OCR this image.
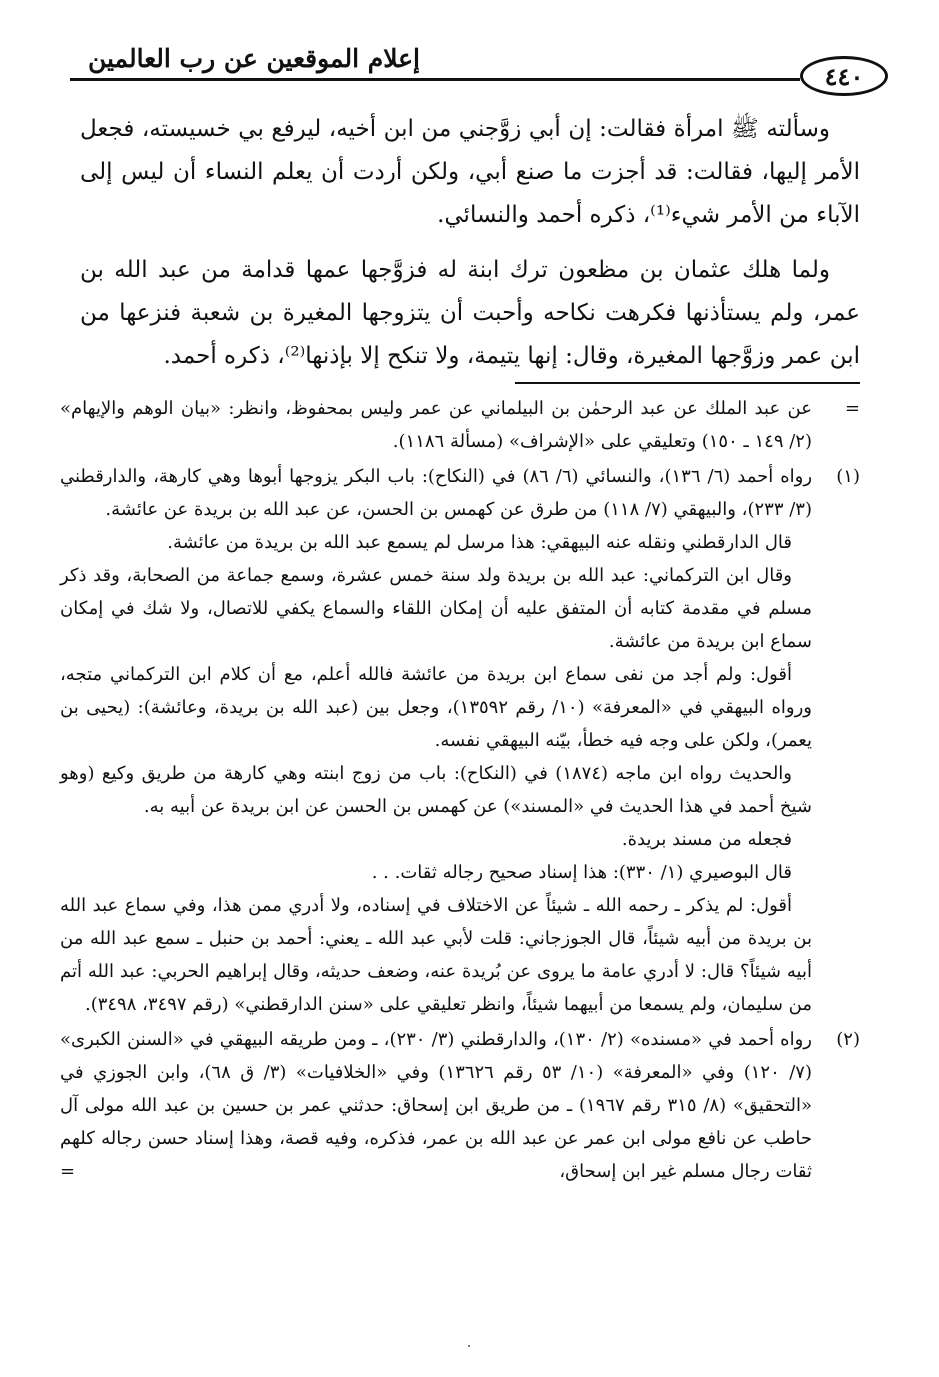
إعلام الموقعين عن رب العالمين
٤٤٠

وسألته ﷺ امرأة فقالت: إن أبي زوَّجني من ابن أخيه، ليرفع بي خسيسته، فجعل الأمر إليها، فقالت: قد أجزت ما صنع أبي، ولكن أردت أن يعلم النساء أن ليس إلى الآباء من الأمر شيء⁽¹⁾، ذكره أحمد والنسائي.

ولما هلك عثمان بن مظعون ترك ابنة له فزوَّجها عمها قدامة من عبد الله بن عمر، ولم يستأذنها فكرهت نكاحه وأحبت أن يتزوجها المغيرة بن شعبة فنزعها من ابن عمر وزوَّجها المغيرة، وقال: إنها يتيمة، ولا تنكح إلا بإذنها⁽²⁾، ذكره أحمد.

=

عن عبد الملك عن عبد الرحمٰن بن البيلماني عن عمر وليس بمحفوظ، وانظر: «بيان الوهم والإيهام» (٢/ ١٤٩ ـ ١٥٠) وتعليقي على «الإشراف» (مسألة ١١٨٦).

(١)

رواه أحمد (٦/ ١٣٦)، والنسائي (٦/ ٨٦) في (النكاح): باب البكر يزوجها أبوها وهي كارهة، والدارقطني (٣/ ٢٣٣)، والبيهقي (٧/ ١١٨) من طرق عن كهمس بن الحسن، عن عبد الله بن بريدة عن عائشة.

قال الدارقطني ونقله عنه البيهقي: هذا مرسل لم يسمع عبد الله بن بريدة من عائشة.

وقال ابن التركماني: عبد الله بن بريدة ولد سنة خمس عشرة، وسمع جماعة من الصحابة، وقد ذكر مسلم في مقدمة كتابه أن المتفق عليه أن إمكان اللقاء والسماع يكفي للاتصال، ولا شك في إمكان سماع ابن بريدة من عائشة.

أقول: ولم أجد من نفى سماع ابن بريدة من عائشة فالله أعلم، مع أن كلام ابن التركماني متجه، ورواه البيهقي في «المعرفة» (١٠/ رقم ١٣٥٩٢)، وجعل بين (عبد الله بن بريدة، وعائشة): (يحيى بن يعمر)، ولكن على وجه فيه خطأ، بيّنه البيهقي نفسه.

والحديث رواه ابن ماجه (١٨٧٤) في (النكاح): باب من زوج ابنته وهي كارهة من طريق وكيع (وهو شيخ أحمد في هذا الحديث في «المسند») عن كهمس بن الحسن عن ابن بريدة عن أبيه به.

فجعله من مسند بريدة.

قال البوصيري (١/ ٣٣٠): هذا إسناد صحيح رجاله ثقات. . .

أقول: لم يذكر ـ رحمه الله ـ شيئاً عن الاختلاف في إسناده، ولا أدري ممن هذا، وفي سماع عبد الله بن بريدة من أبيه شيئاً، قال الجوزجاني: قلت لأبي عبد الله ـ يعني: أحمد بن حنبل ـ سمع عبد الله من أبيه شيئاً؟ قال: لا أدري عامة ما يروى عن بُريدة عنه، وضعف حديثه، وقال إبراهيم الحربي: عبد الله أتم من سليمان، ولم يسمعا من أبيهما شيئاً، وانظر تعليقي على «سنن الدارقطني» (رقم ٣٤٩٧، ٣٤٩٨).

(٢)

رواه أحمد في «مسنده» (٢/ ١٣٠)، والدارقطني (٣/ ٢٣٠)، ـ ومن طريقه البيهقي في «السنن الكبرى» (٧/ ١٢٠) وفي «المعرفة» (١٠/ ٥٣ رقم ١٣٦٢٦) وفي «الخلافيات» (٣/ ق ٦٨)، وابن الجوزي في «التحقيق» (٨/ ٣١٥ رقم ١٩٦٧) ـ من طريق ابن إسحاق: حدثني عمر بن حسين بن عبد الله مولى آل حاطب عن نافع مولى ابن عمر عن عبد الله بن عمر، فذكره، وفيه قصة، وهذا إسناد حسن رجاله كلهم ثقات رجال مسلم غير ابن إسحاق،

=
